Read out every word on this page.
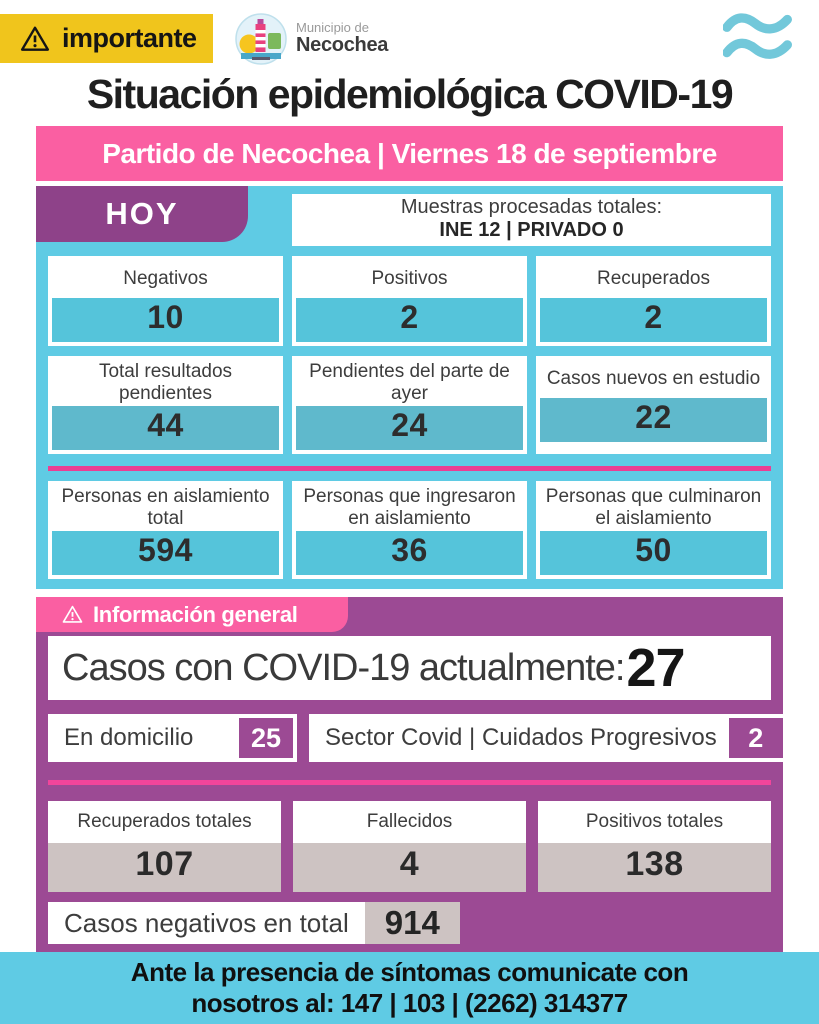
importante	Municipio de
Necochea
Situación epidemiológica COVID-19
Partido de Necochea | Viernes 18 de septiembre
HOY	Muestras procesadas totales:
INE 12 | PRIVADO 0
Negativos
10
Positivos
2
Recuperados
2
Total resultados pendientes
44
Pendientes del parte de ayer
24
Casos nuevos en estudio
22
Personas en aislamiento total
594
Personas que ingresaron en aislamiento
36
Personas que culminaron el aislamiento
50
Información general
Casos con COVID-19 actualmente: 27
En domicilio	25	Sector Covid | Cuidados Progresivos	2
Recuperados totales
107
Fallecidos
4
Positivos totales
138
Casos negativos en total	914
Ante la presencia de síntomas comunicate con
nosotros al: 147 | 103 | (2262) 314377
